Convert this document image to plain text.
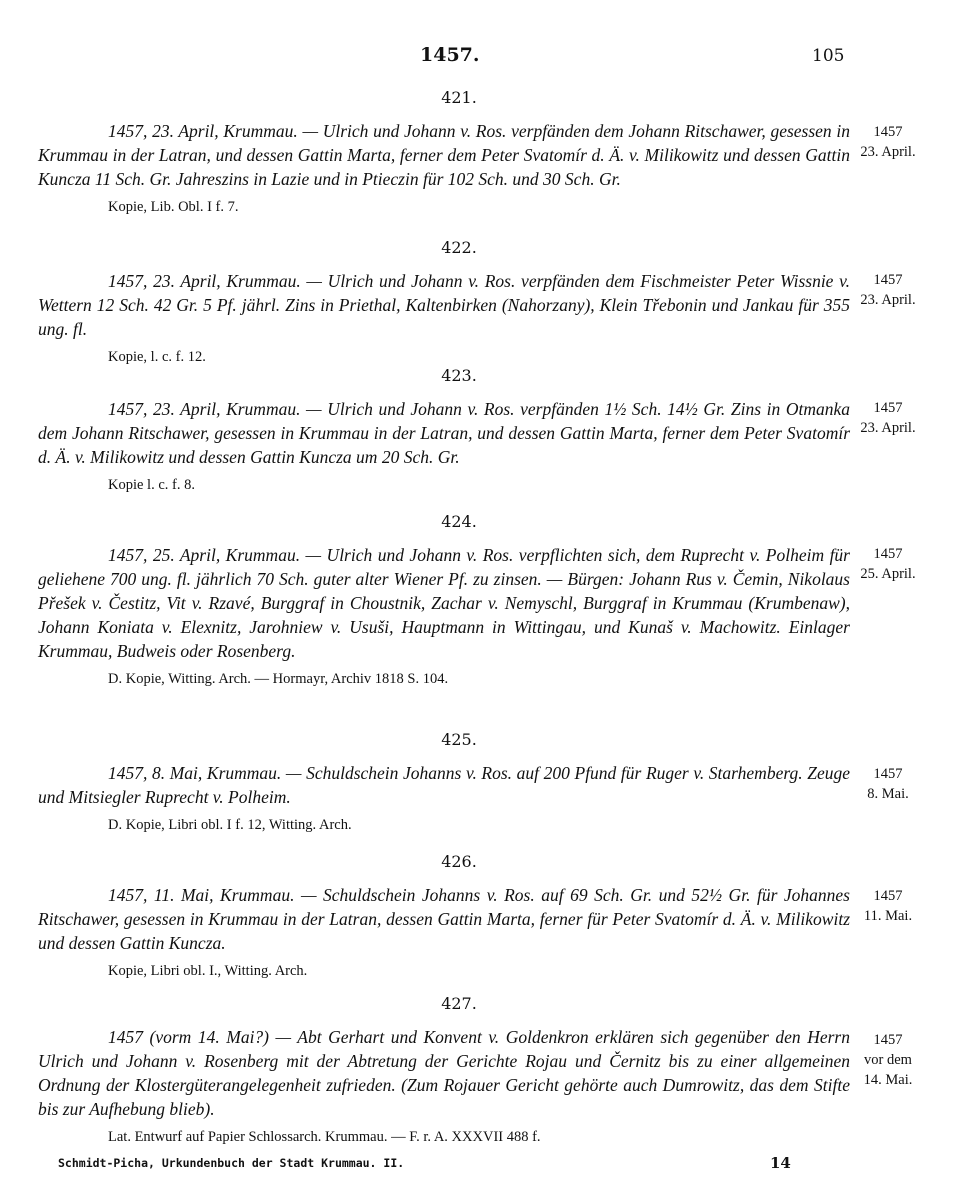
1457.	105
421.

1457, 23. April, Krummau. — Ulrich und Johann v. Ros. verpfänden dem Johann Ritschawer, gesessen in Krummau in der Latran, und dessen Gattin Marta, ferner dem Peter Svatomír d. Ä. v. Milikowitz und dessen Gattin Kuncza 11 Sch. Gr. Jahreszins in Lazie und in Ptieczin für 102 Sch. und 30 Sch. Gr.

Kopie, Lib. Obl. I f. 7.
1457
23. April.
422.

1457, 23. April, Krummau. — Ulrich und Johann v. Ros. verpfänden dem Fischmeister Peter Wissnie v. Wettern 12 Sch. 42 Gr. 5 Pf. jährl. Zins in Priethal, Kaltenbirken (Nahorzany), Klein Třebonin und Jankau für 355 ung. fl.

Kopie, l. c. f. 12.
1457
23. April.
423.

1457, 23. April, Krummau. — Ulrich und Johann v. Ros. verpfänden 1½ Sch. 14½ Gr. Zins in Otmanka dem Johann Ritschawer, gesessen in Krummau in der Latran, und dessen Gattin Marta, ferner dem Peter Svatomír d. Ä. v. Milikowitz und dessen Gattin Kuncza um 20 Sch. Gr.

Kopie l. c. f. 8.
1457
23. April.
424.

1457, 25. April, Krummau. — Ulrich und Johann v. Ros. verpflichten sich, dem Ruprecht v. Polheim für geliehene 700 ung. fl. jährlich 70 Sch. guter alter Wiener Pf. zu zinsen. — Bürgen: Johann Rus v. Čemin, Nikolaus Přešek v. Čestitz, Vit v. Rzavé, Burggraf in Choustnik, Zachar v. Nemyschl, Burggraf in Krummau (Krumbenaw), Johann Koniata v. Elexnitz, Jarohniew v. Usuši, Hauptmann in Wittingau, und Kunaš v. Machowitz. Einlager Krummau, Budweis oder Rosenberg.

D. Kopie, Witting. Arch. — Hormayr, Archiv 1818 S. 104.
1457
25. April.
425.

1457, 8. Mai, Krummau. — Schuldschein Johanns v. Ros. auf 200 Pfund für Ruger v. Starhemberg. Zeuge und Mitsiegler Ruprecht v. Polheim.

D. Kopie, Libri obl. I f. 12, Witting. Arch.
1457
8. Mai.
426.

1457, 11. Mai, Krummau. — Schuldschein Johanns v. Ros. auf 69 Sch. Gr. und 52½ Gr. für Johannes Ritschawer, gesessen in Krummau in der Latran, dessen Gattin Marta, ferner für Peter Svatomír d. Ä. v. Milikowitz und dessen Gattin Kuncza.

Kopie, Libri obl. I., Witting. Arch.
1457
11. Mai.
427.

1457 (vorm 14. Mai?) — Abt Gerhart und Konvent v. Goldenkron erklären sich gegenüber den Herrn Ulrich und Johann v. Rosenberg mit der Abtretung der Gerichte Rojau und Černitz bis zu einer allgemeinen Ordnung der Klostergüterangelegenheit zufrieden. (Zum Rojauer Gericht gehörte auch Dumrowitz, das dem Stifte bis zur Aufhebung blieb).

Lat. Entwurf auf Papier Schlossarch. Krummau. — F. r. A. XXXVII 488 f.
1457
vor dem 14. Mai.
Schmidt-Picha, Urkundenbuch der Stadt Krummau. II.	14
